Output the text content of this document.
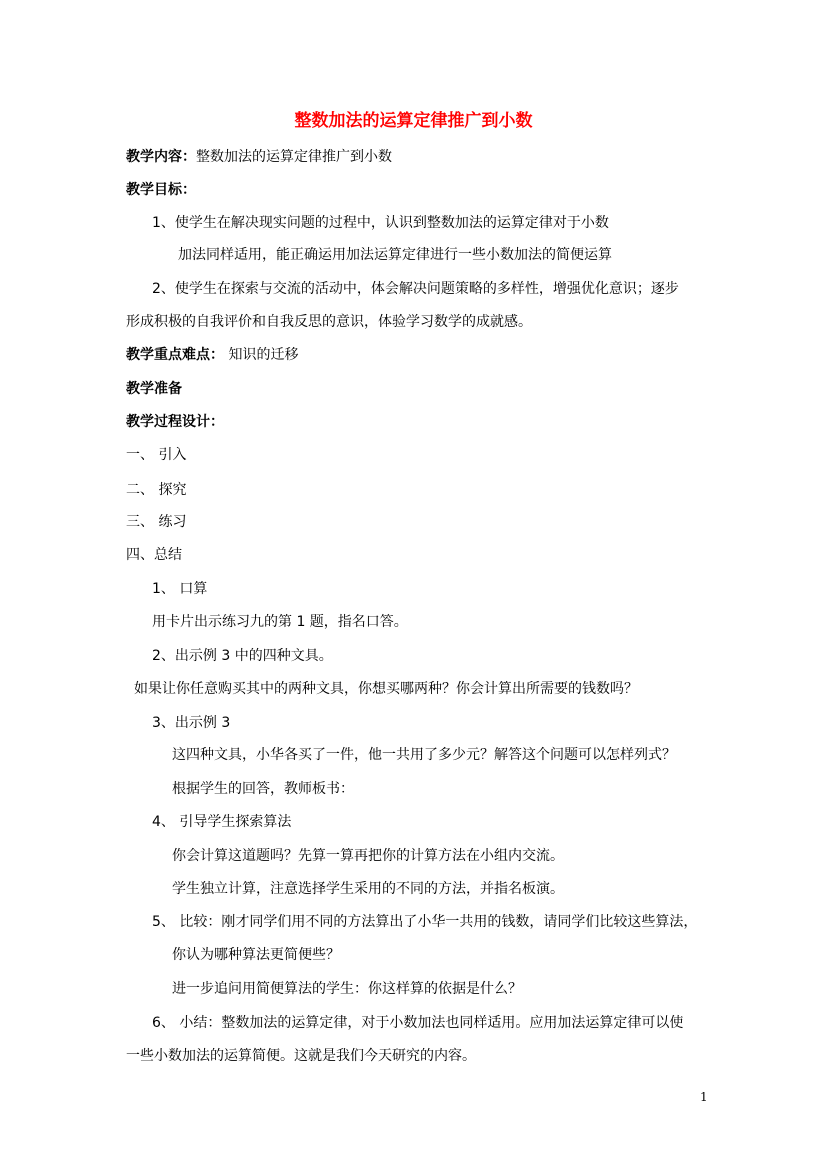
整数加法的运算定律推广到小数
教学内容：整数加法的运算定律推广到小数
教学目标：
1、使学生在解决现实问题的过程中，认识到整数加法的运算定律对于小数
加法同样适用，能正确运用加法运算定律进行一些小数加法的简便运算
2、使学生在探索与交流的活动中，体会解决问题策略的多样性，增强优化意识；逐步
形成积极的自我评价和自我反思的意识，体验学习数学的成就感。
教学重点难点： 知识的迁移
教学准备
教学过程设计：
一、 引入
二、 探究
三、 练习
四、总结
1、 口算
用卡片出示练习九的第 1 题，指名口答。
2、出示例 3 中的四种文具。
如果让你任意购买其中的两种文具，你想买哪两种？你会计算出所需要的钱数吗？
3、出示例 3
这四种文具，小华各买了一件，他一共用了多少元？解答这个问题可以怎样列式？
根据学生的回答，教师板书：
4、 引导学生探索算法
你会计算这道题吗？先算一算再把你的计算方法在小组内交流。
学生独立计算，注意选择学生采用的不同的方法，并指名板演。
5、 比较：刚才同学们用不同的方法算出了小华一共用的钱数，请同学们比较这些算法，
你认为哪种算法更简便些？
进一步追问用简便算法的学生：你这样算的依据是什么？
6、 小结：整数加法的运算定律，对于小数加法也同样适用。应用加法运算定律可以使
一些小数加法的运算简便。这就是我们今天研究的内容。
1
